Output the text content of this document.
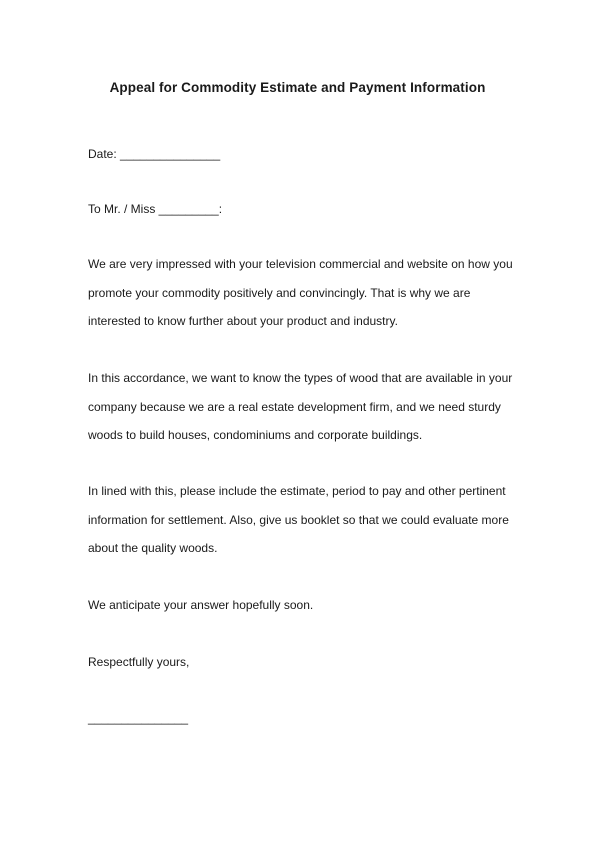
Appeal for Commodity Estimate and Payment Information
Date: _______________
To Mr. / Miss _________:
We are very impressed with your television commercial and website on how you
promote your commodity positively and convincingly. That is why we are
interested to know further about your product and industry.
In this accordance, we want to know the types of wood that are available in your
company because we are a real estate development firm, and we need sturdy
woods to build houses, condominiums and corporate buildings.
In lined with this, please include the estimate, period to pay and other pertinent
information for settlement. Also, give us booklet so that we could evaluate more
about the quality woods.
We anticipate your answer hopefully soon.
Respectfully yours,
_______________
